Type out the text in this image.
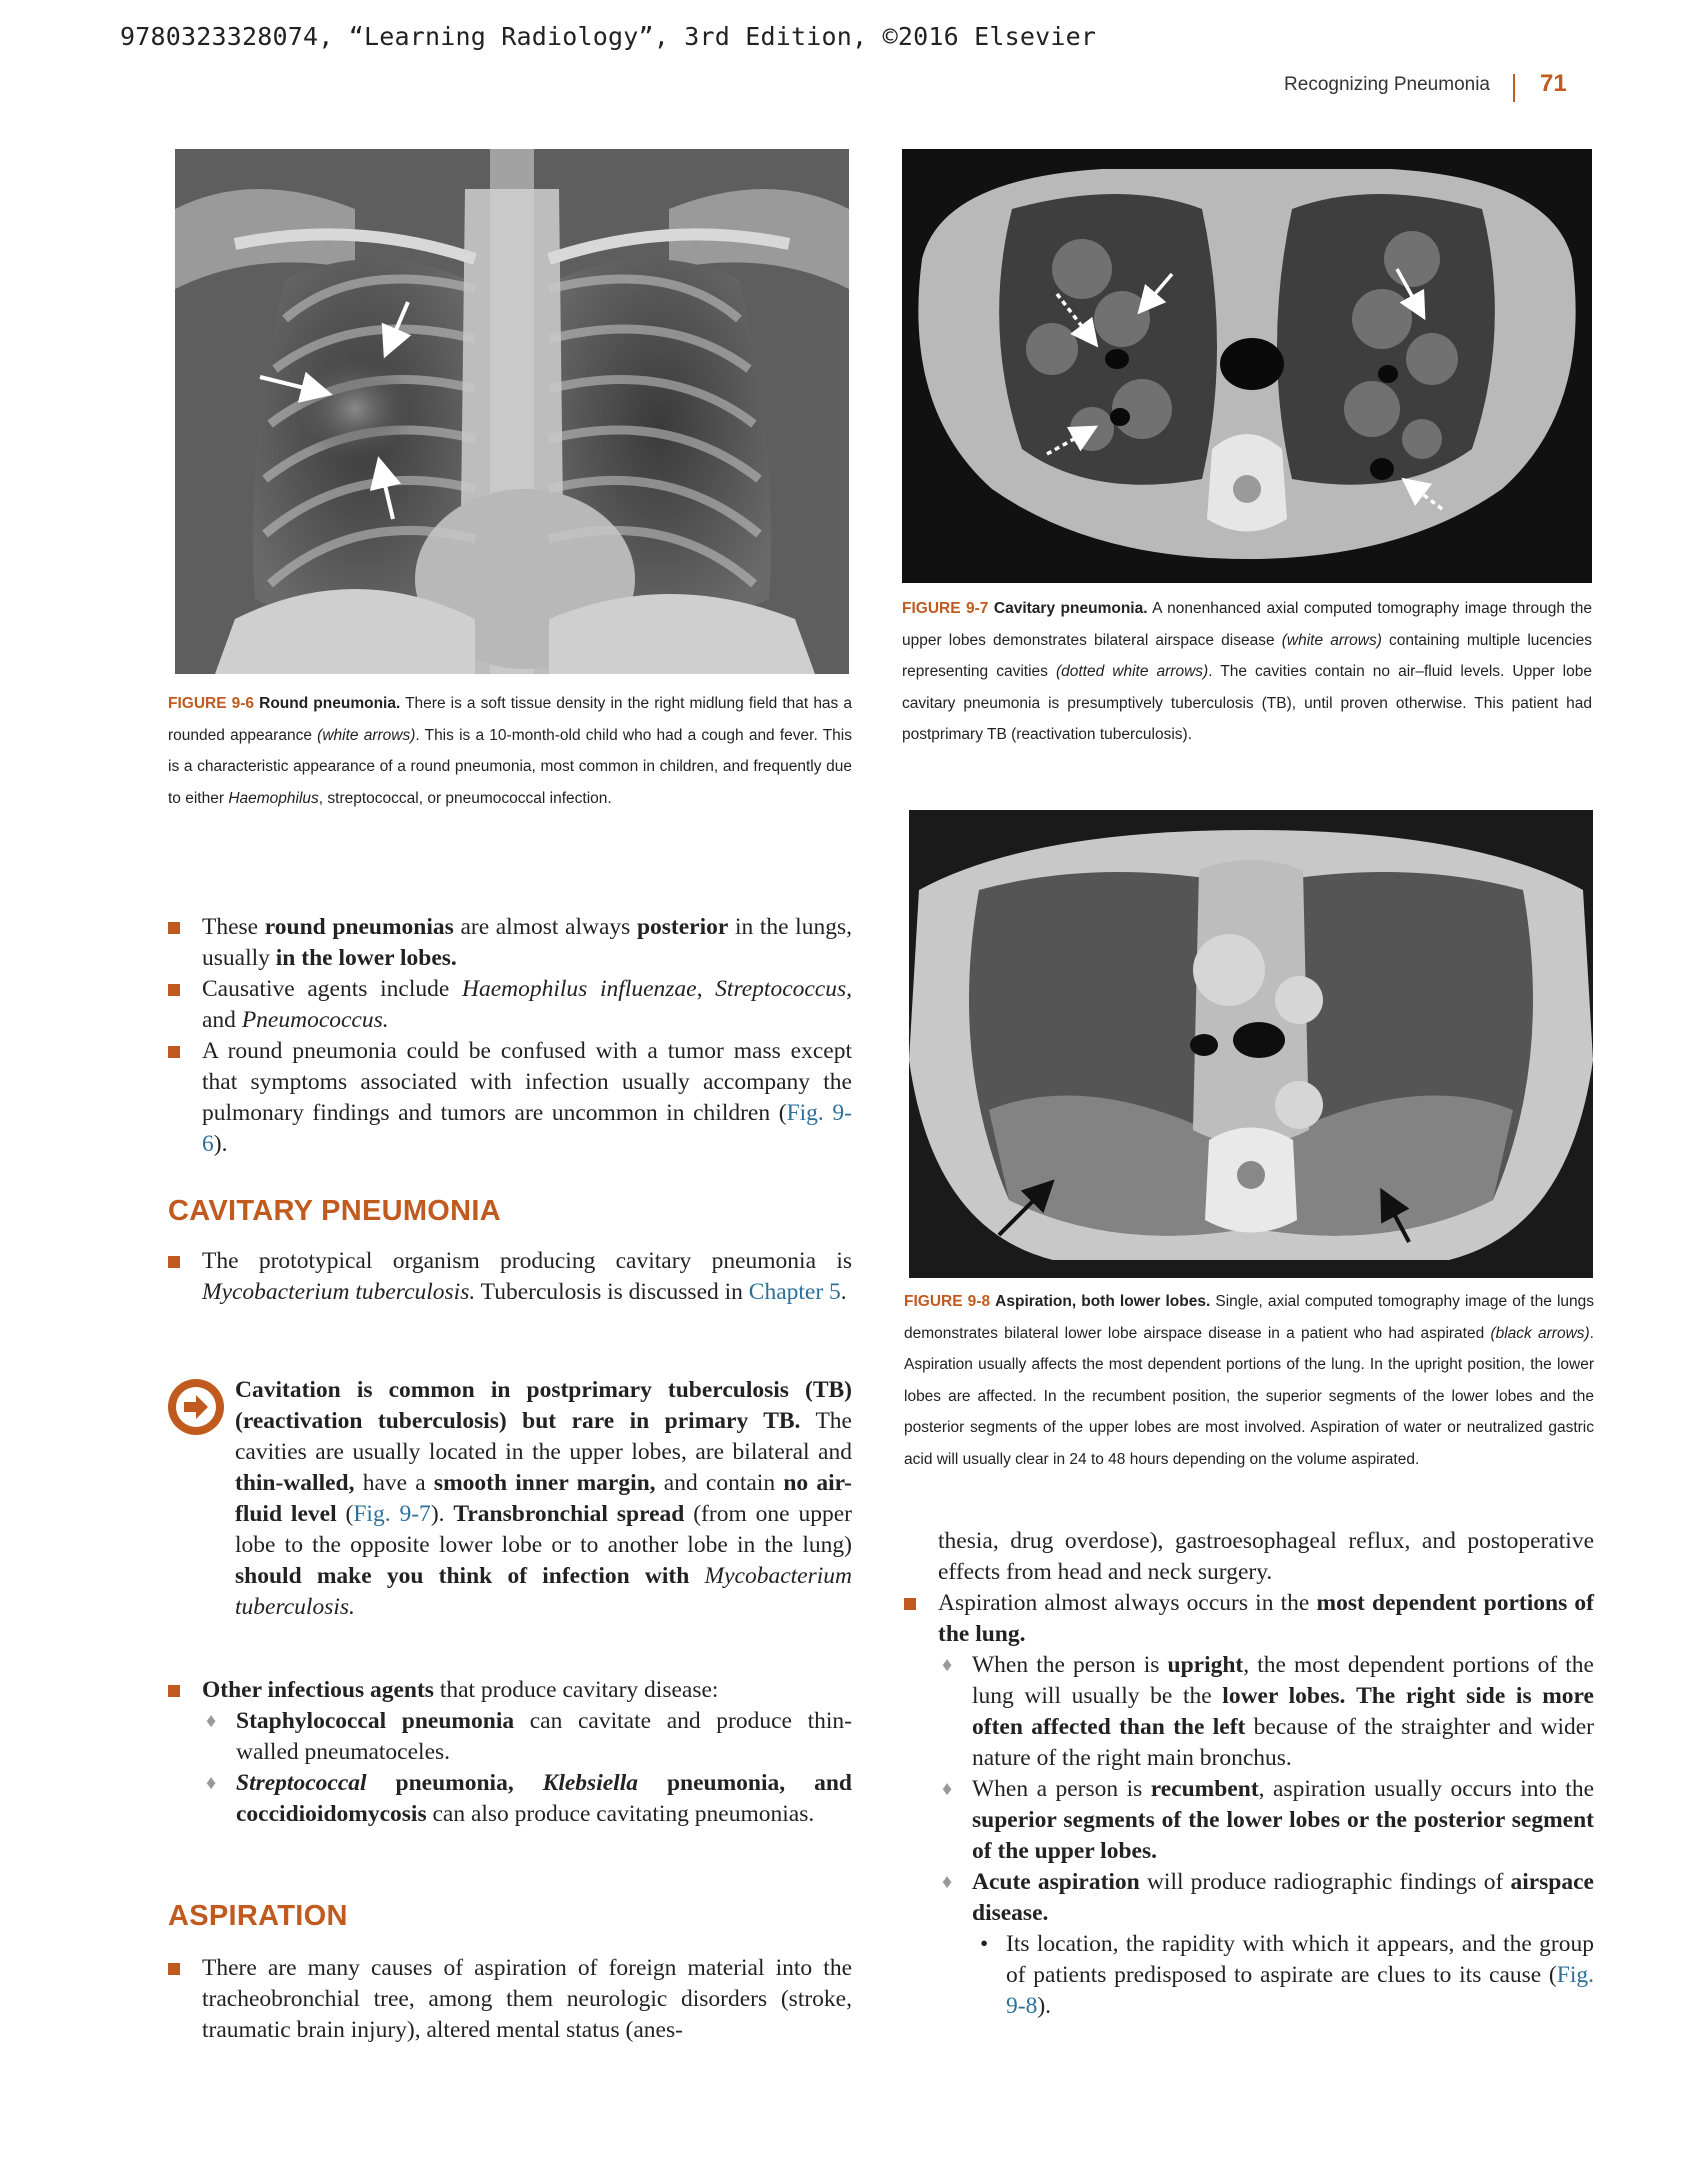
9780323328074, “Learning Radiology”, 3rd Edition, ©2016 Elsevier
Recognizing Pneumonia 71
FIGURE 9-6 Round pneumonia. There is a soft tissue density in the right midlung field that has a rounded appearance (white arrows). This is a 10-month-old child who had a cough and fever. This is a characteristic appearance of a round pneumonia, most common in children, and frequently due to either Haemophilus, streptococcal, or pneumococcal infection.
FIGURE 9-7 Cavitary pneumonia. A nonenhanced axial computed tomography image through the upper lobes demonstrates bilateral airspace disease (white arrows) containing multiple lucencies representing cavities (dotted white arrows). The cavities contain no air–fluid levels. Upper lobe cavitary pneumonia is presumptively tuberculosis (TB), until proven otherwise. This patient had postprimary TB (reactivation tuberculosis).
FIGURE 9-8 Aspiration, both lower lobes. Single, axial computed tomography image of the lungs demonstrates bilateral lower lobe airspace disease in a patient who had aspirated (black arrows). Aspiration usually affects the most dependent portions of the lung. In the upright position, the lower lobes are affected. In the recumbent position, the superior segments of the lower lobes and the posterior segments of the upper lobes are most involved. Aspiration of water or neutralized gastric acid will usually clear in 24 to 48 hours depending on the volume aspirated.
These round pneumonias are almost always posterior in the lungs, usually in the lower lobes.
Causative agents include Haemophilus influenzae, Streptococcus, and Pneumococcus.
A round pneumonia could be confused with a tumor mass except that symptoms associated with infection usually accompany the pulmonary findings and tumors are uncommon in children (Fig. 9-6).
CAVITARY PNEUMONIA
The prototypical organism producing cavitary pneumonia is Mycobacterium tuberculosis. Tuberculosis is discussed in Chapter 5.
Cavitation is common in postprimary tuberculosis (TB) (reactivation tuberculosis) but rare in primary TB. The cavities are usually located in the upper lobes, are bilateral and thin-walled, have a smooth inner margin, and contain no air-fluid level (Fig. 9-7). Transbronchial spread (from one upper lobe to the opposite lower lobe or to another lobe in the lung) should make you think of infection with Mycobacterium tuberculosis.
Other infectious agents that produce cavitary disease:
♦ Staphylococcal pneumonia can cavitate and produce thin-walled pneumatoceles.
♦ Streptococcal pneumonia, Klebsiella pneumonia, and coccidioidomycosis can also produce cavitating pneumonias.
ASPIRATION
There are many causes of aspiration of foreign material into the tracheobronchial tree, among them neurologic disorders (stroke, traumatic brain injury), altered mental status (anes-
thesia, drug overdose), gastroesophageal reflux, and postoperative effects from head and neck surgery.
Aspiration almost always occurs in the most dependent portions of the lung.
♦ When the person is upright, the most dependent portions of the lung will usually be the lower lobes. The right side is more often affected than the left because of the straighter and wider nature of the right main bronchus.
♦ When a person is recumbent, aspiration usually occurs into the superior segments of the lower lobes or the posterior segment of the upper lobes.
♦ Acute aspiration will produce radiographic findings of airspace disease.
• Its location, the rapidity with which it appears, and the group of patients predisposed to aspirate are clues to its cause (Fig. 9-8).
